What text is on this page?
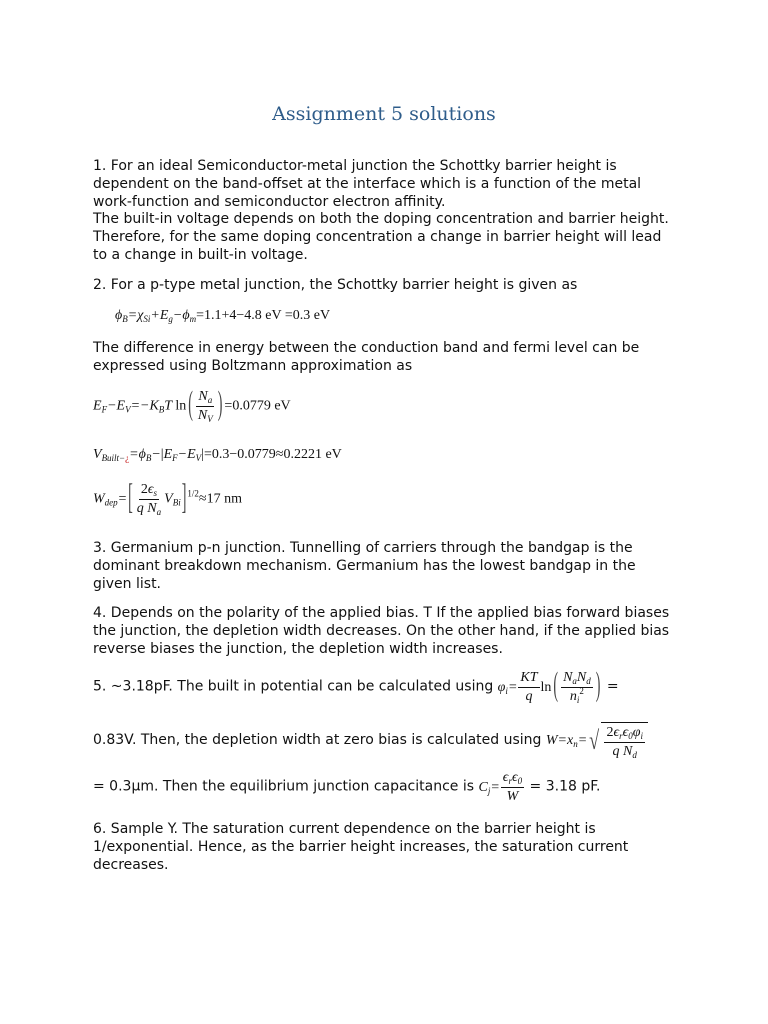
Assignment 5 solutions

1. For an ideal Semiconductor-metal junction the Schottky barrier height is dependent on the band-offset at the interface which is a function of the metal work-function and semiconductor electron affinity.

The built-in voltage depends on both the doping concentration and barrier height. Therefore, for the same doping concentration a change in barrier height will lead to a change in built-in voltage.

2. For a p-type metal junction, the Schottky barrier height is given as

$\phi_B=\chi_{Si}+E_g-\phi_m=1.1+4-4.8$ eV =0.3 eV

The difference in energy between the conduction band and fermi level can be expressed using Boltzmann approximation as

$E_F-E_V=-K_BT$ ln ( $\frac{N_a}{N_V}$ ) =0.0779 eV
$V_{Built-¿}=\phi_B-|E_F-E_V|=0.3-0.0779\approx 0.2221$ eV
$W_{dep}=[ \frac{2\epsilon_s}{q N_a} V_{Bi}]^{1/2}\approx 17$ nm

3. Germanium p-n junction. Tunnelling of carriers through the bandgap is the dominant breakdown mechanism. Germanium has the lowest bandgap in the given list.

4. Depends on the polarity of the applied bias. T If the applied bias forward biases the junction, the depletion width decreases. On the other hand, if the applied bias reverse biases the junction, the depletion width increases.

5. ~3.18pF. The built in potential can be calculated using $\varphi_i= \frac{KT}{q}$ ln ( $\frac{N_aN_d}{n_i^2}$ ) =
0.83V. Then, the depletion width at zero bias is calculated using $W=x_n=$ √ $\frac{2\epsilon_r\epsilon_0\varphi_i}{q N_d}$
= 0.3µm. Then the equilibrium junction capacitance is $C_j= \frac{\epsilon_r\epsilon_0}{W} = 3.18$ pF.

6. Sample Y. The saturation current dependence on the barrier height is 1/exponential. Hence, as the barrier height increases, the saturation current decreases.
